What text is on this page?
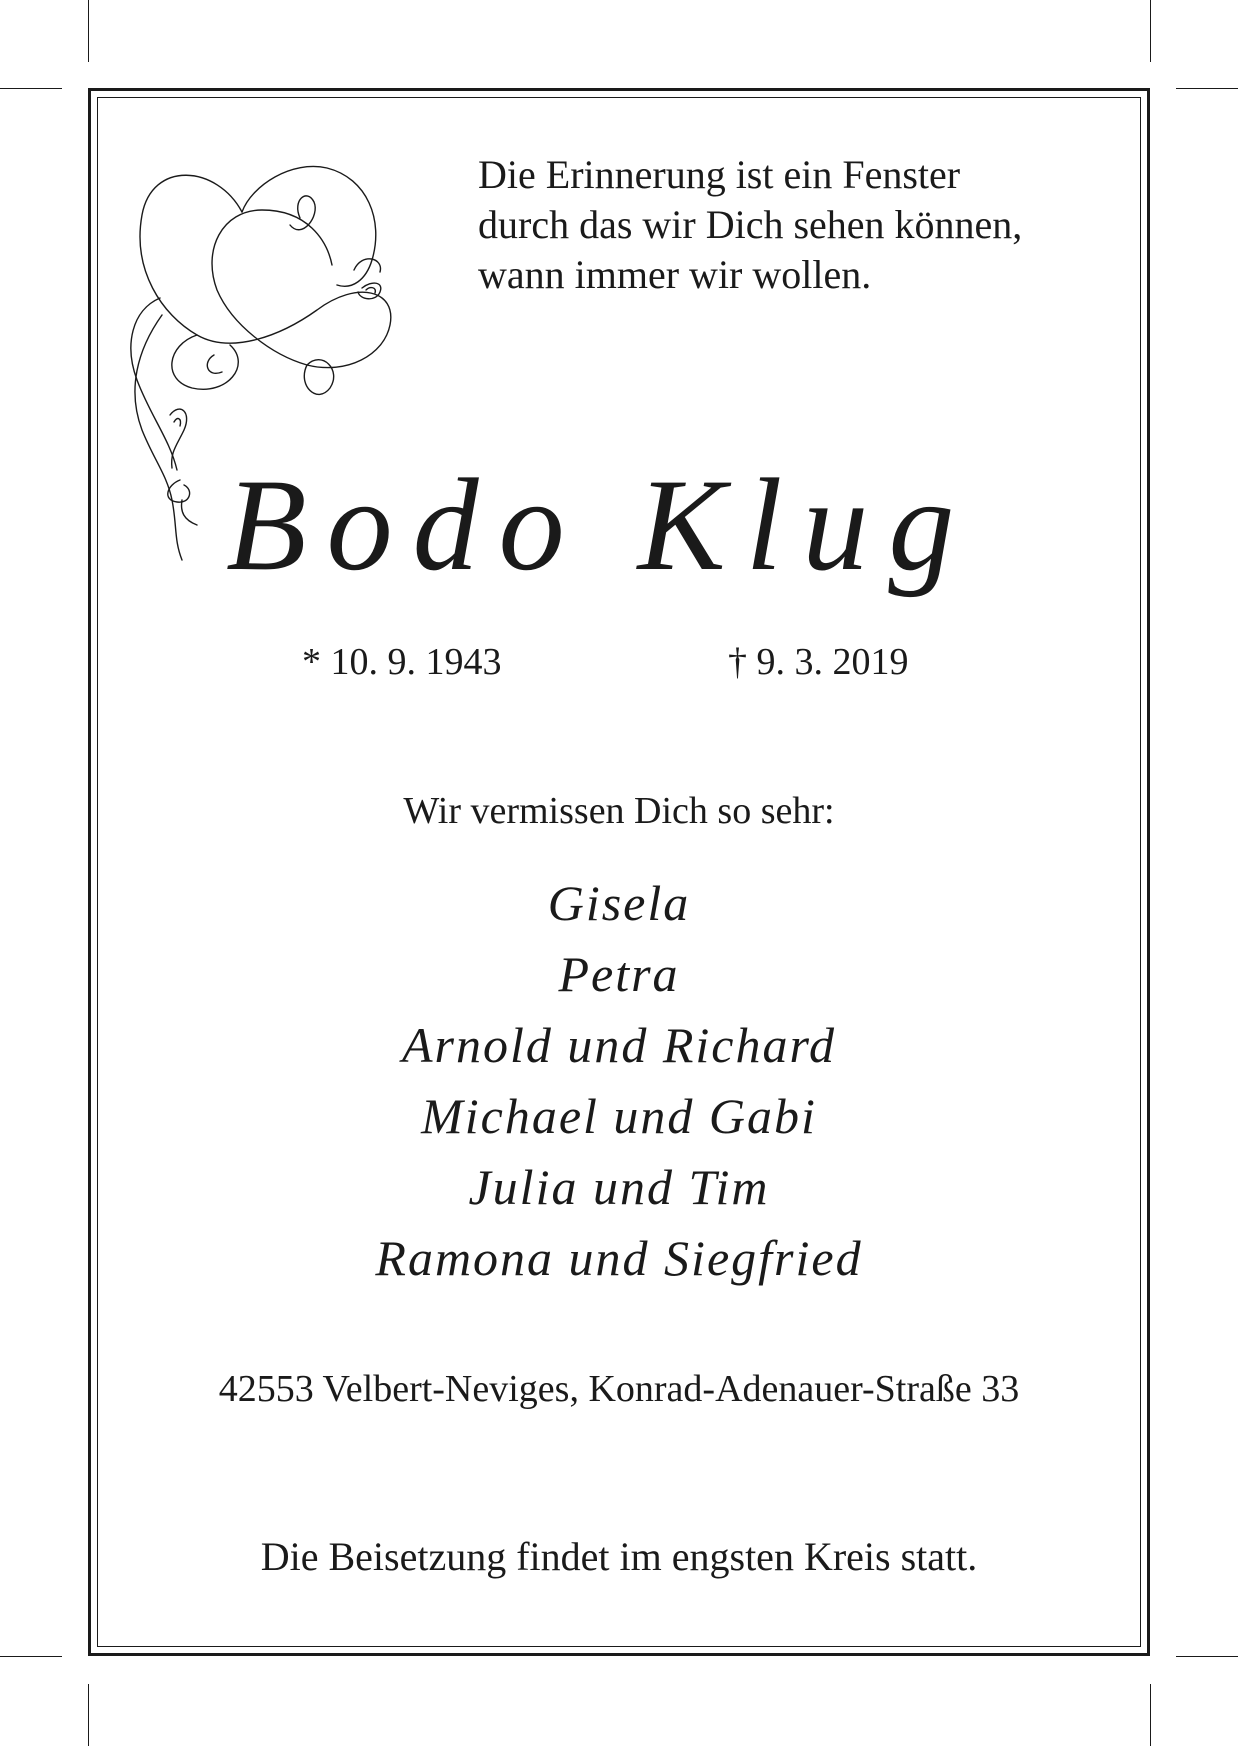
Die Erinnerung ist ein Fenster
durch das wir Dich sehen können,
wann immer wir wollen.
Bodo Klug
* 10. 9. 1943	† 9. 3. 2019
Wir vermissen Dich so sehr:
Gisela
Petra
Arnold und Richard
Michael und Gabi
Julia und Tim
Ramona und Siegfried
42553 Velbert-Neviges, Konrad-Adenauer-Straße 33
Die Beisetzung findet im engsten Kreis statt.
